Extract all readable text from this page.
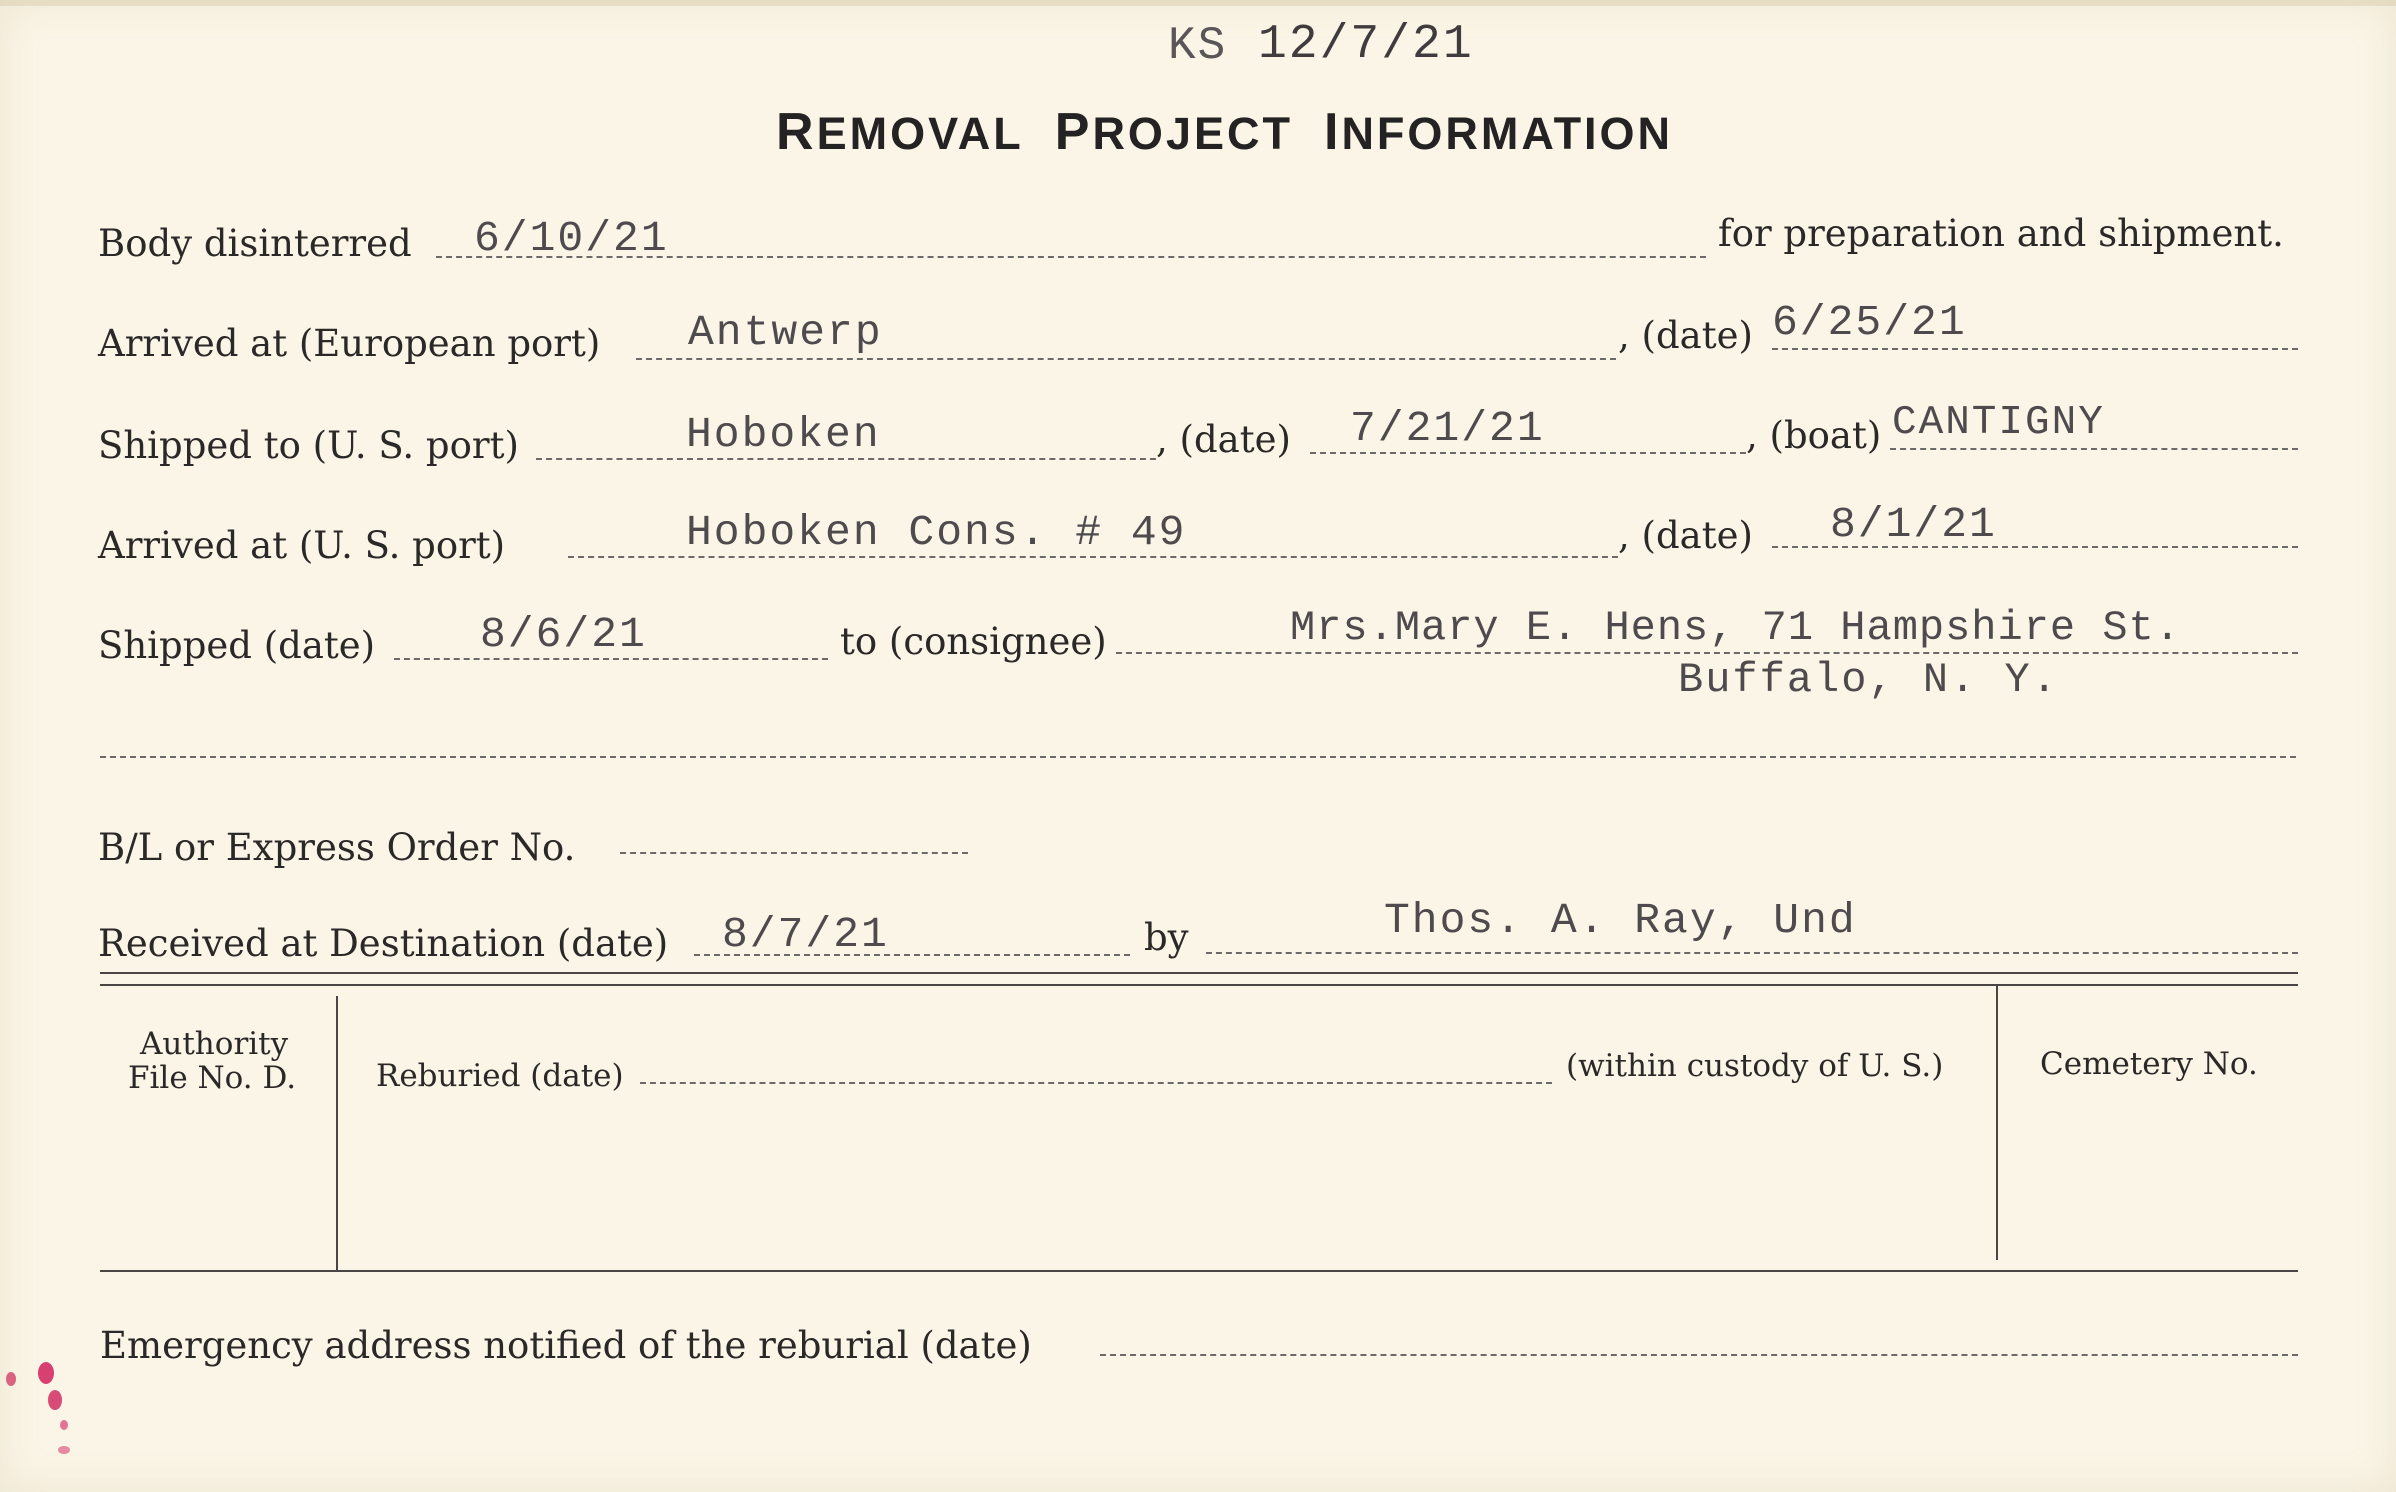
KS 12/7/21
REMOVAL PROJECT INFORMATION
Body disinterred 6/10/21	for preparation and shipment.
Arrived at (European port) Antwerp	, (date) 6/25/21
Shipped to (U. S. port)	Hoboken	, (date) 7/21/21	, (boat) CANTIGNY
Arrived at (U. S. port)	Hoboken Cons. # 49	, (date) 8/1/21
Shipped (date) 8/6/21	to (consignee)	Mrs.Mary E. Hens, 71 Hampshire St.
Buffalo, N. Y.
B/L or Express Order No.
Received at Destination (date) 8/7/21	by	Thos. A. Ray, Und
Authority
File No. D.	Reburied (date)	(within custody of U. S.)	Cemetery No.
Emergency address notified of the reburial (date)
